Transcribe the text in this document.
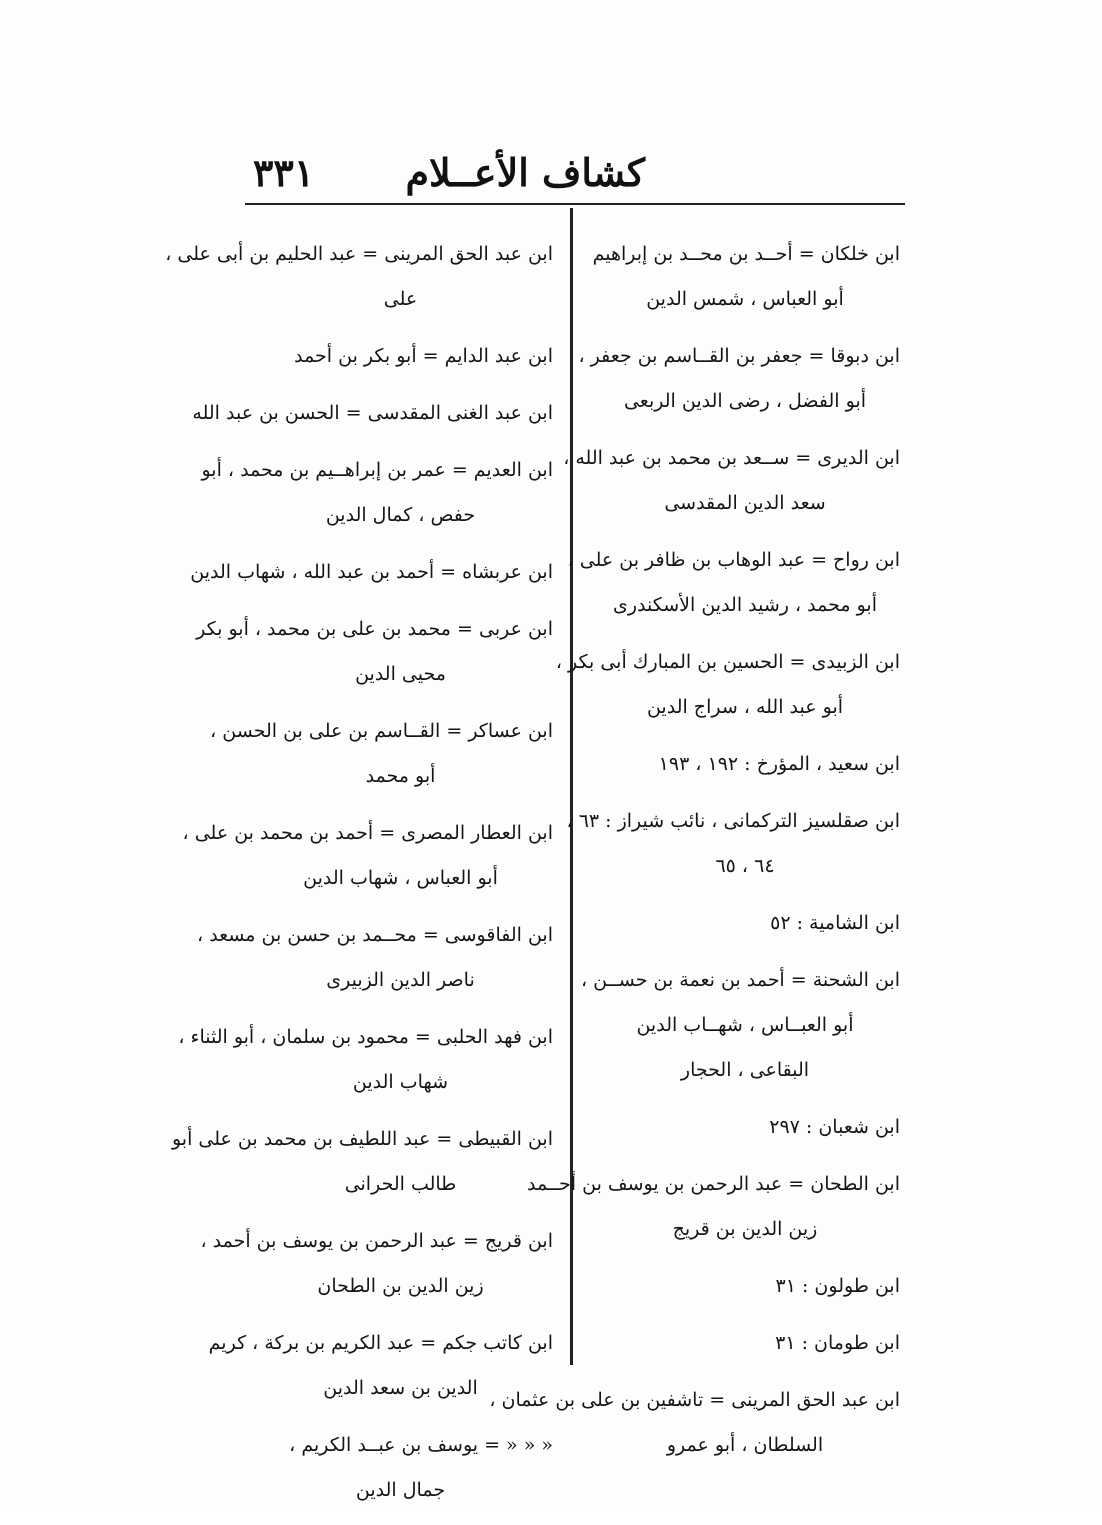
كشاف الأعــلام
٣٣١
ابن خلكان = أحــد بن محــد بن إبراهيم
أبو العباس ، شمس الدين
ابن دبوقا = جعفر بن القــاسم بن جعفر ،
أبو الفضل ، رضى الدين الربعى
ابن الديرى = ســعد بن محمد بن عبد الله ،
سعد الدين المقدسى
ابن رواح = عبد الوهاب بن ظافر بن على ،
أبو محمد ، رشيد الدين الأسكندرى
ابن الزبيدى = الحسين بن المبارك أبى بكر ،
أبو عبد الله ، سراج الدين
ابن سعيد ، المؤرخ : ١٩٢ ، ١٩٣
ابن صقلسيز التركمانى ، نائب شيراز : ٦٣ ،
٦٤ ، ٦٥
ابن الشامية : ٥٢
ابن الشحنة = أحمد بن نعمة بن حســن ،
أبو العبــاس ، شهــاب الدين
البقاعى ، الحجار
ابن شعبان : ٢٩٧
ابن الطحان = عبد الرحمن بن يوسف بن أحــمد
زين الدين بن قريج
ابن طولون : ٣١
ابن طومان : ٣١
ابن عبد الحق المرينى = تاشفين بن على بن عثمان ،
السلطان ، أبو عمرو
ابن عبد الحق المرينى = عبد الحليم بن أبى على ،
على
ابن عبد الدايم = أبو بكر بن أحمد
ابن عبد الغنى المقدسى = الحسن بن عبد الله
ابن العديم = عمر بن إبراهــيم بن محمد ، أبو
حفص ، كمال الدين
ابن عربشاه = أحمد بن عبد الله ، شهاب الدين
ابن عربى = محمد بن على بن محمد ، أبو بكر
محيى الدين
ابن عساكر = القــاسم بن على بن الحسن ،
أبو محمد
ابن العطار المصرى = أحمد بن محمد بن على ،
أبو العباس ، شهاب الدين
ابن الفاقوسى = محــمد بن حسن بن مسعد ،
ناصر الدين الزبيرى
ابن فهد الحلبى = محمود بن سلمان ، أبو الثناء ،
شهاب الدين
ابن القبيطى = عبد اللطيف بن محمد بن على أبو
طالب الحرانى
ابن قريج = عبد الرحمن بن يوسف بن أحمد ،
زين الدين بن الطحان
ابن كاتب جكم = عبد الكريم بن بركة ، كريم
الدين بن سعد الدين
« « « = يوسف بن عبــد الكريم ،
جمال الدين
